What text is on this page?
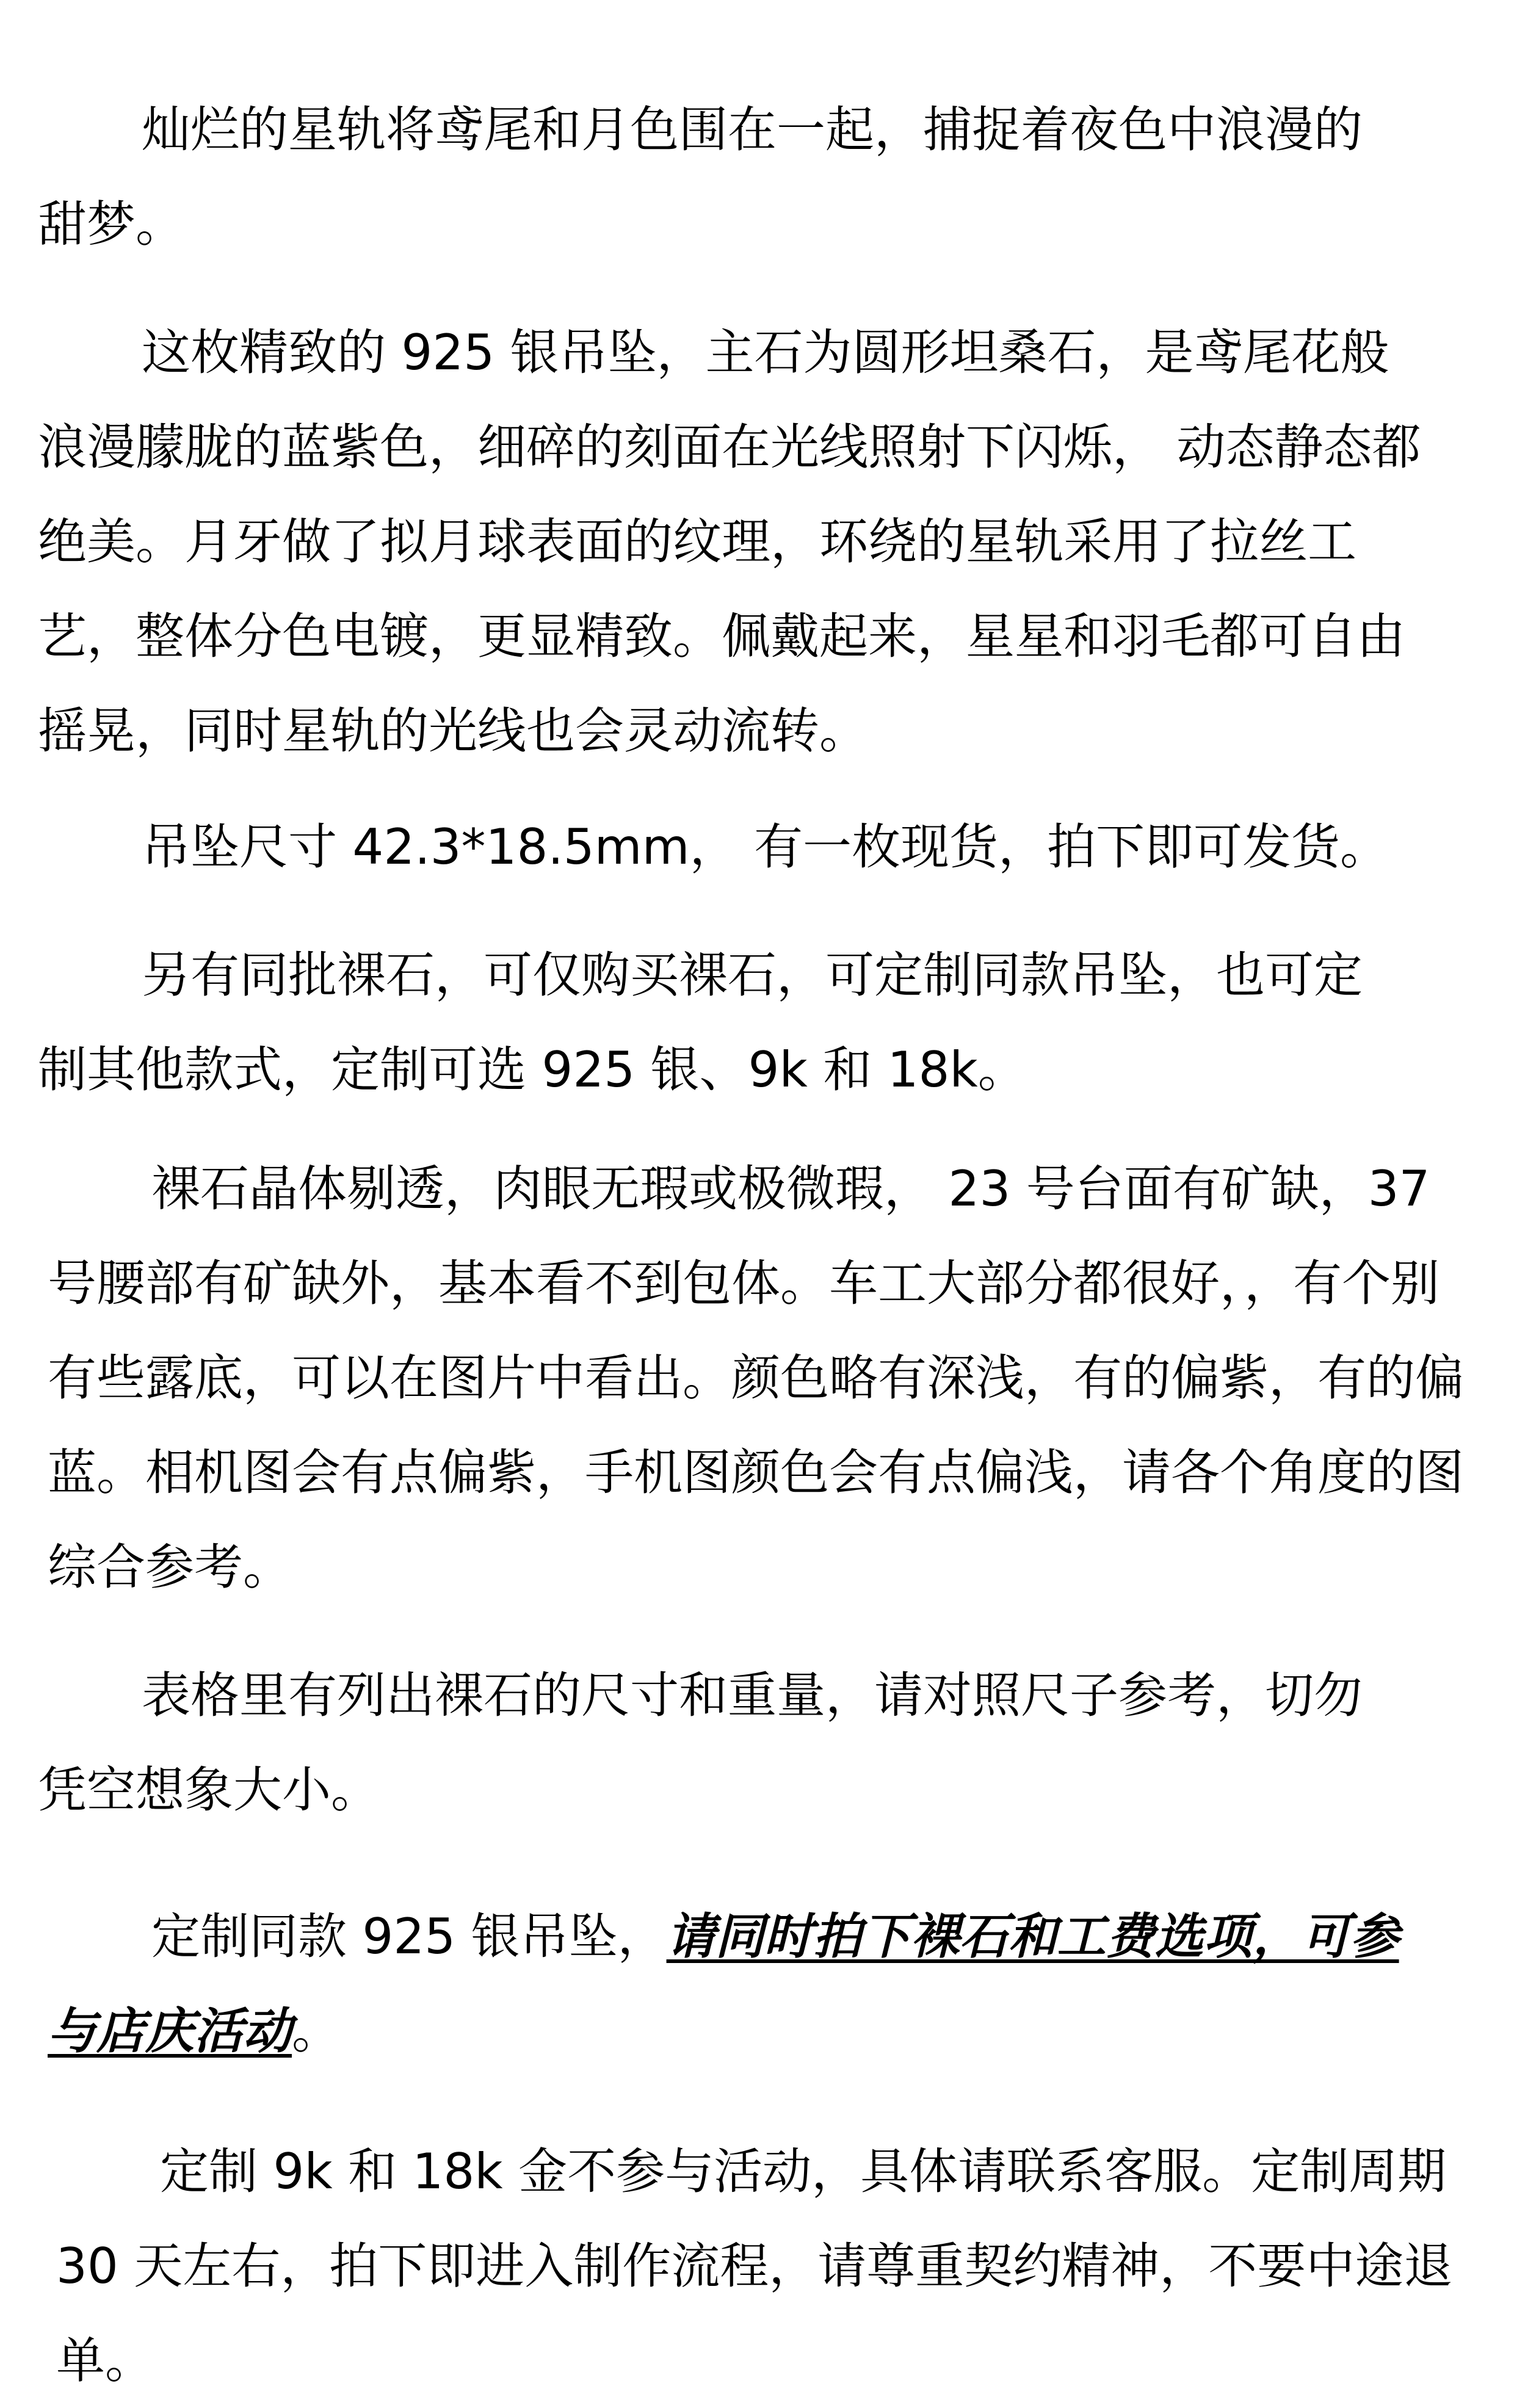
灿烂的星轨将鸢尾和月色围在一起，捕捉着夜色中浪漫的甜梦。

这枚精致的 925 银吊坠，主石为圆形坦桑石，是鸢尾花般浪漫朦胧的蓝紫色，细碎的刻面在光线照射下闪烁， 动态静态都绝美。月牙做了拟月球表面的纹理，环绕的星轨采用了拉丝工艺，整体分色电镀，更显精致。佩戴起来，星星和羽毛都可自由摇晃，同时星轨的光线也会灵动流转。

吊坠尺寸 42.3*18.5mm， 有一枚现货，拍下即可发货。

另有同批裸石，可仅购买裸石，可定制同款吊坠，也可定制其他款式，定制可选 925 银、9k 和 18k。

裸石晶体剔透，肉眼无瑕或极微瑕， 23 号台面有矿缺，37 号腰部有矿缺外，基本看不到包体。车工大部分都很好，，有个别有些露底，可以在图片中看出。颜色略有深浅，有的偏紫，有的偏蓝。相机图会有点偏紫，手机图颜色会有点偏浅，请各个角度的图综合参考。

表格里有列出裸石的尺寸和重量，请对照尺子参考，切勿凭空想象大小。

定制同款 925 银吊坠，请同时拍下裸石和工费选项，可参与店庆活动。

定制 9k 和 18k 金不参与活动，具体请联系客服。定制周期 30 天左右，拍下即进入制作流程，请尊重契约精神，不要中途退单。
